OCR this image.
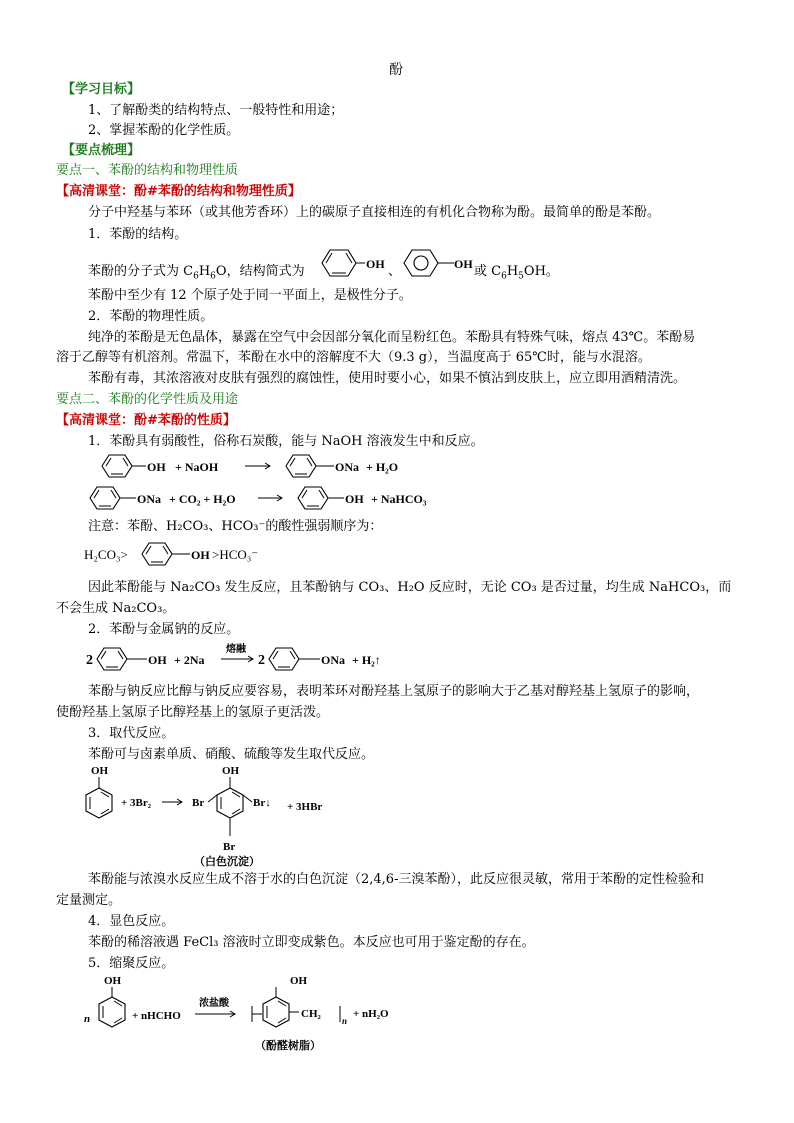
酚
【学习目标】
1、了解酚类的结构特点、一般特性和用途；
2、掌握苯酚的化学性质。
【要点梳理】
要点一、苯酚的结构和物理性质
【高清课堂：酚#苯酚的结构和物理性质】
分子中羟基与苯环（或其他芳香环）上的碳原子直接相连的有机化合物称为酚。最简单的酚是苯酚。
1．苯酚的结构。
苯酚的分子式为 $C_6H_6O$，结构简式为	OH 、	OH 或 $C_6H_5OH$。
苯酚中至少有 12 个原子处于同一平面上，是极性分子。
2．苯酚的物理性质。
纯净的苯酚是无色晶体，暴露在空气中会因部分氧化而呈粉红色。苯酚具有特殊气味，熔点 43℃。苯酚易
溶于乙醇等有机溶剂。常温下，苯酚在水中的溶解度不大（9.3 g），当温度高于 65℃时，能与水混溶。
苯酚有毒，其浓溶液对皮肤有强烈的腐蚀性，使用时要小心，如果不慎沾到皮肤上，应立即用酒精清洗。
要点二、苯酚的化学性质及用途
【高清课堂：酚#苯酚的性质】
1．苯酚具有弱酸性，俗称石炭酸，能与 NaOH 溶液发生中和反应。
OH + NaOH	ONa + H₂O
ONa + CO₂ + H₂O	OH + NaHCO₃
注意：苯酚、H₂CO₃、HCO₃⁻的酸性强弱顺序为：
H₂CO₃>	OH >HCO₃⁻
因此苯酚能与 Na₂CO₃ 发生反应，且苯酚钠与 CO₃、H₂O 反应时，无论 CO₃ 是否过量，均生成 NaHCO₃，而
不会生成 Na₂CO₃。
2．苯酚与金属钠的反应。
2	OH + 2Na
熔融
2	ONa + H₂↑
苯酚与钠反应比醇与钠反应要容易，表明苯环对酚羟基上氢原子的影响大于乙基对醇羟基上氢原子的影响，
使酚羟基上氢原子比醇羟基上的氢原子更活泼。
3．取代反应。
苯酚可与卤素单质、硝酸、硫酸等发生取代反应。
OH
+ 3Br₂
OH
Br	Br↓
Br
+ 3HBr
（白色沉淀）
苯酚能与浓溴水反应生成不溶于水的白色沉淀（2,4,6-三溴苯酚），此反应很灵敏，常用于苯酚的定性检验和
定量测定。
4．显色反应。
苯酚的稀溶液遇 FeCl₃ 溶液时立即变成紫色。本反应也可用于鉴定酚的存在。
5．缩聚反应。
OH
n	+ nHCHO
浓盐酸
OH
CH₂
n
+ nH₂O
（酚醛树脂）
